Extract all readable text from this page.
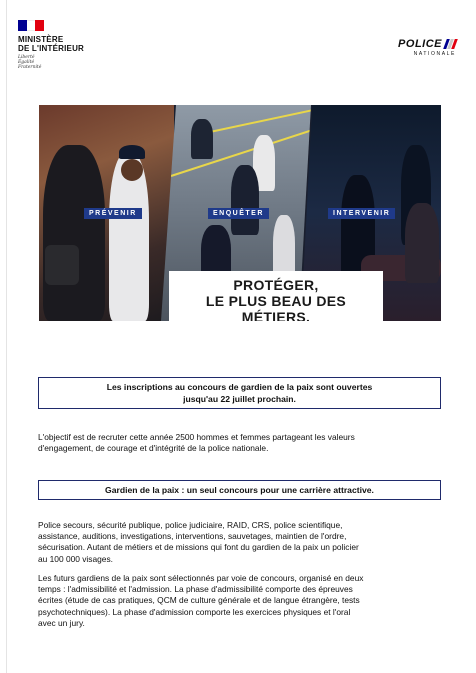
MINISTÈRE
DE L'INTÉRIEUR
Liberté
Égalité
Fraternité
POLICE
NATIONALE
PRÉVENIR	ENQUÊTER	INTERVENIR
PROTÉGER,
LE PLUS BEAU DES MÉTIERS.
Les inscriptions au concours de gardien de la paix sont ouvertes
jusqu'au 22 juillet prochain.
L'objectif est de recruter cette année 2500 hommes et femmes partageant les valeurs
d'engagement, de courage et d'intégrité de la police nationale.
Gardien de la paix : un seul concours pour une carrière attractive.
Police secours, sécurité publique, police judiciaire, RAID, CRS, police scientifique,
assistance, auditions, investigations, interventions, sauvetages, maintien de l'ordre,
sécurisation. Autant de métiers et de missions qui font du gardien de la paix un policier
au 100 000 visages.
Les futurs gardiens de la paix sont sélectionnés par voie de concours, organisé en deux
temps : l'admissibilité et l'admission. La phase d'admissibilité comporte des épreuves
écrites (étude de cas pratiques, QCM de culture générale et de langue étrangère, tests
psychotechniques). La phase d'admission comporte les exercices physiques et l'oral
avec un jury.
